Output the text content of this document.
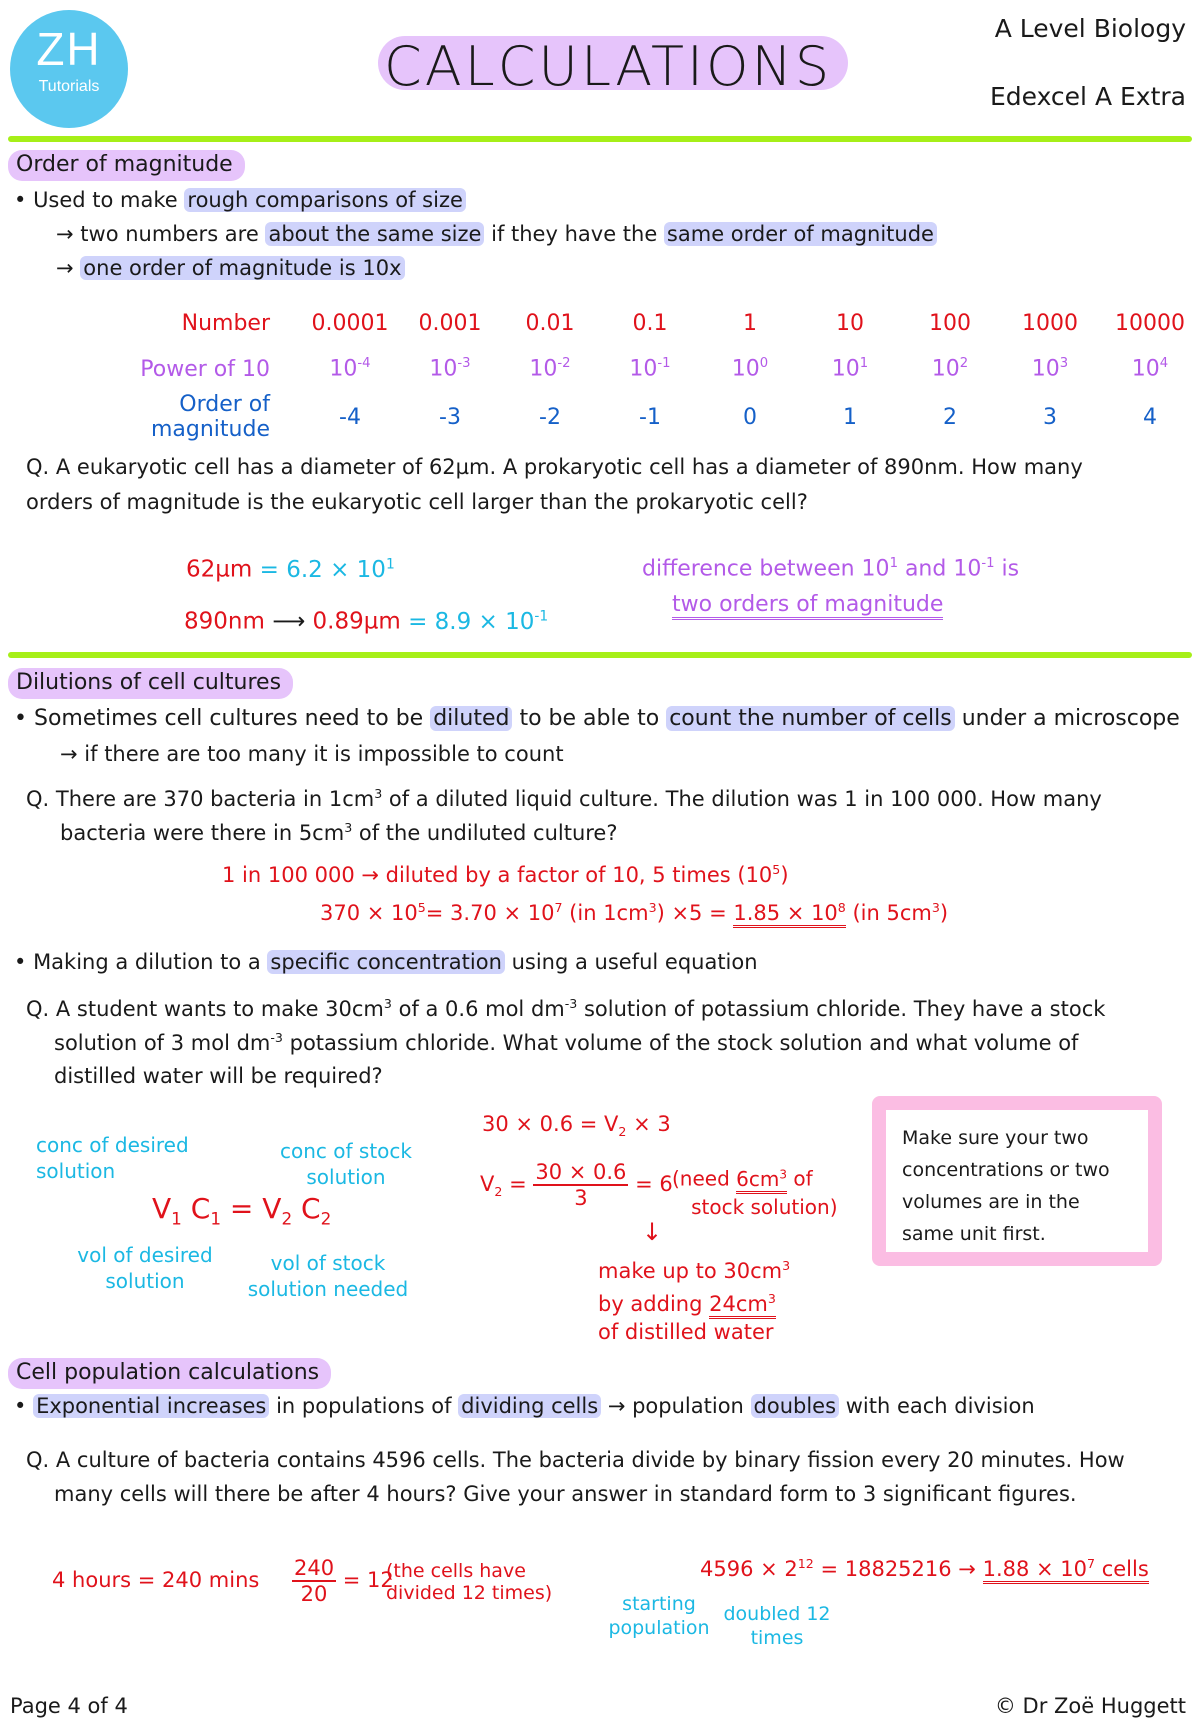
ZH
Tutorials	CALCULATIONS
A Level Biology
Edexcel A Extra
Order of magnitude
• Used to make rough comparisons of size
→ two numbers are about the same size if they have the same order of magnitude
→ one order of magnitude is 10x
Number	0.0001	0.001	0.01	0.1	1	10	100	1000	10000
Power of 10	$10^{-4}$	$10^{-3}$	$10^{-2}$	$10^{-1}$	$10^0$	$10^1$	$10^2$	$10^3$	$10^4$
Order of magnitude	-4	-3	-2	-1	0	1	2	3	4
Q. A eukaryotic cell has a diameter of 62µm. A prokaryotic cell has a diameter of 890nm. How many
orders of magnitude is the eukaryotic cell larger than the prokaryotic cell?
$62\mu m = 6.2 \times 10^1$
890nm ⟶ $0.89\mu m = 8.9 \times 10^{-1}$
difference between $10^1$ and $10^{-1}$ is
two orders of magnitude
Dilutions of cell cultures
• Sometimes cell cultures need to be diluted to be able to count the number of cells under a microscope
→ if there are too many it is impossible to count
Q. There are 370 bacteria in $1cm^3$ of a diluted liquid culture. The dilution was 1 in 100 000. How many
bacteria were there in $5cm^3$ of the undiluted culture?
1 in 100 000 → diluted by a factor of 10, 5 times $(10^5)$
$370 \times 10^5= 3.70 \times 10^7$ (in $1cm^3) \times 5 = 1.85 \times 10^8$ (in $5cm^3$)
• Making a dilution to a specific concentration using a useful equation
Q. A student wants to make $30cm^3$ of a 0.6 mol $dm^{-3}$ solution of potassium chloride. They have a stock
solution of 3 mol $dm^{-3}$ potassium chloride. What volume of the stock solution and what volume of
distilled water will be required?
conc of desired solution
conc of stock solution
$V_1$ $C_1 = V_2$ $C_2$
vol of desired solution
vol of stock solution needed
$30 \times 0.6 = V_2 \times 3$
$V_2 = \frac{30 \times 0.6}{3} = 6$ (need $6cm^3$ of
stock solution)
↓
make up to $30cm^3$
by adding $24cm^3$
of distilled water
Make sure your two concentrations or two volumes are in the same unit first.
Cell population calculations
• Exponential increases in populations of dividing cells → population doubles with each division
Q. A culture of bacteria contains 4596 cells. The bacteria divide by binary fission every 20 minutes. How
many cells will there be after 4 hours? Give your answer in standard form to 3 significant figures.
4 hours = 240 mins $\frac{240}{20} = 12$
(the cells have divided 12 times)
$4596 \times 2^{12} = 18825216 \to 1.88 \times 10^7$ cells
starting population
doubled 12 times
Page 4 of 4	© Dr Zoë Huggett
